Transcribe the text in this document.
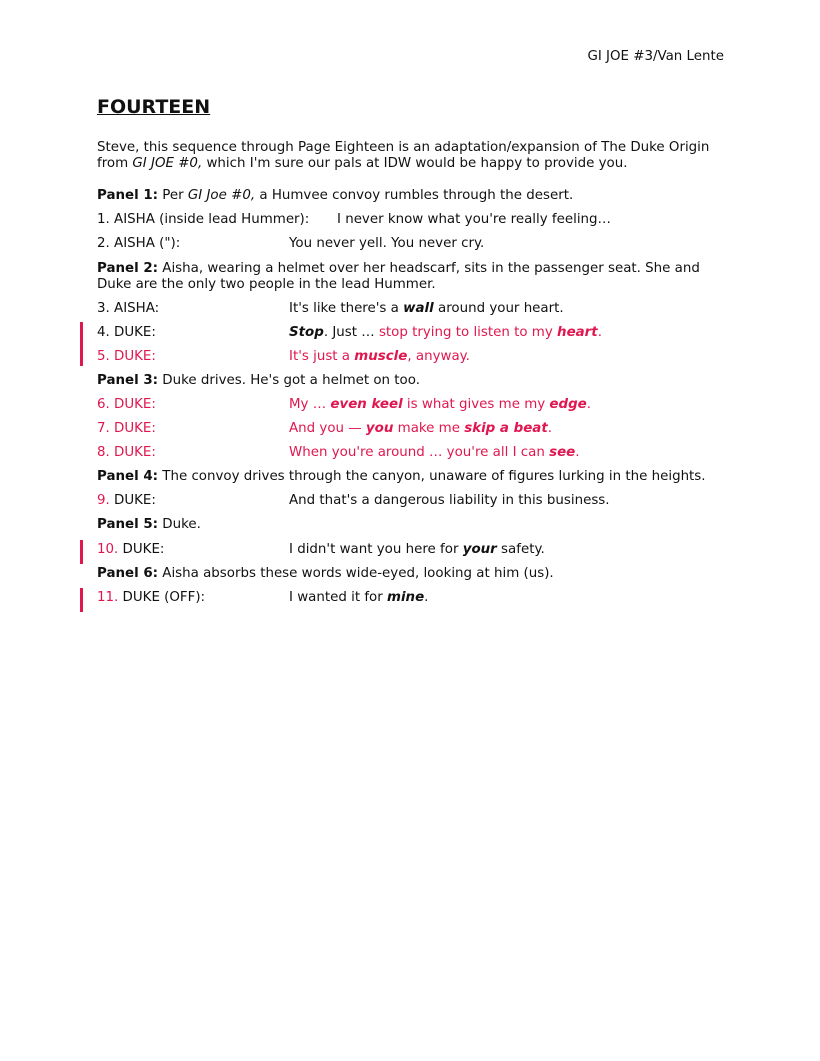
GI JOE #3/Van Lente
FOURTEEN
Steve, this sequence through Page Eighteen is an adaptation/expansion of The Duke Origin from GI JOE #0, which I'm sure our pals at IDW would be happy to provide you.
Panel 1: Per GI Joe #0, a Humvee convoy rumbles through the desert.
1. AISHA (inside lead Hummer): I never know what you're really feeling…
2. AISHA ("):	You never yell. You never cry.
Panel 2: Aisha, wearing a helmet over her headscarf, sits in the passenger seat. She and Duke are the only two people in the lead Hummer.
3. AISHA:	It's like there's a wall around your heart.
4. DUKE:	Stop. Just … stop trying to listen to my heart.
5. DUKE:	It's just a muscle, anyway.
Panel 3: Duke drives. He's got a helmet on too.
6. DUKE:	My … even keel is what gives me my edge.
7. DUKE:	And you — you make me skip a beat.
8. DUKE:	When you're around … you're all I can see.
Panel 4: The convoy drives through the canyon, unaware of figures lurking in the heights.
9. DUKE:	And that's a dangerous liability in this business.
Panel 5: Duke.
10. DUKE:	I didn't want you here for your safety.
Panel 6: Aisha absorbs these words wide-eyed, looking at him (us).
11. DUKE (OFF):	I wanted it for mine.
